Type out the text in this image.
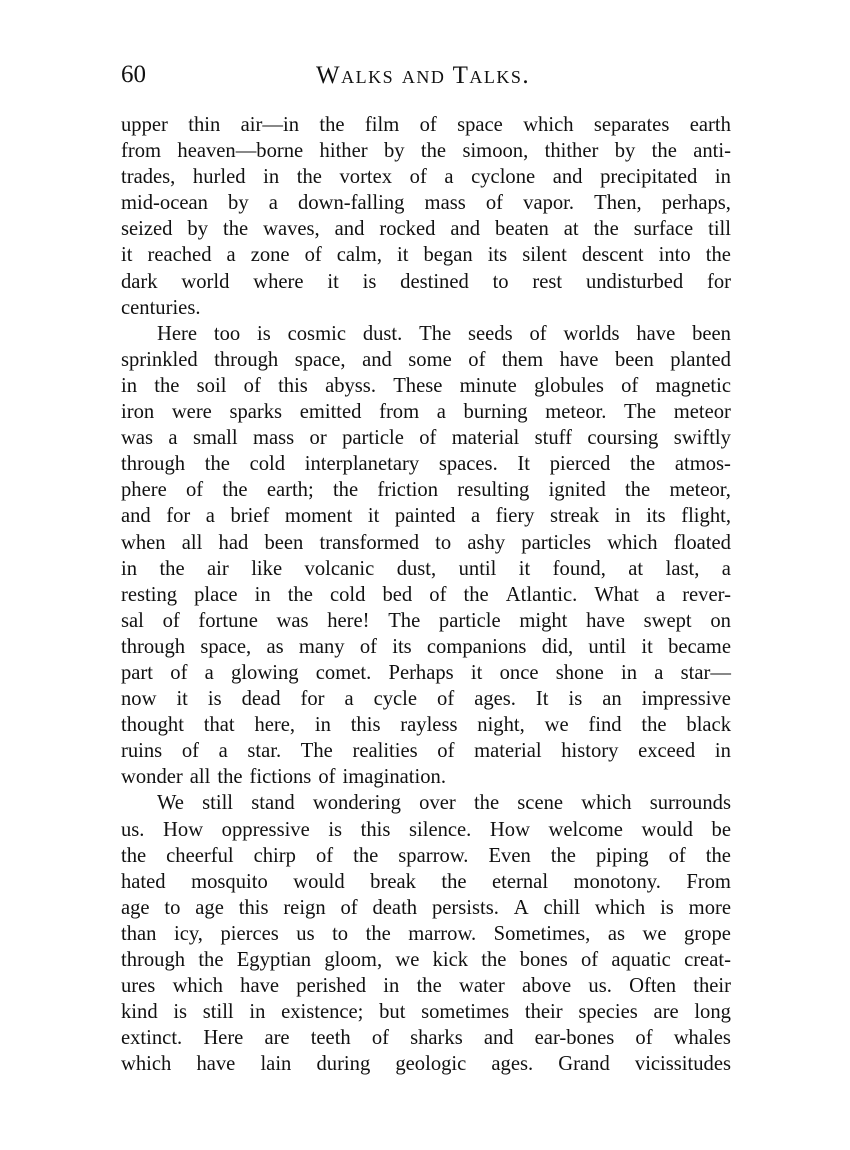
60	Walks and Talks.
upper thin air—in the film of space which separates earth
from heaven—borne hither by the simoon, thither by the anti-
trades, hurled in the vortex of a cyclone and precipitated in
mid-ocean by a down-falling mass of vapor. Then, perhaps,
seized by the waves, and rocked and beaten at the surface till
it reached a zone of calm, it began its silent descent into the
dark world where it is destined to rest undisturbed for
centuries.
Here too is cosmic dust. The seeds of worlds have been
sprinkled through space, and some of them have been planted
in the soil of this abyss. These minute globules of magnetic
iron were sparks emitted from a burning meteor. The meteor
was a small mass or particle of material stuff coursing swiftly
through the cold interplanetary spaces. It pierced the atmos-
phere of the earth; the friction resulting ignited the meteor,
and for a brief moment it painted a fiery streak in its flight,
when all had been transformed to ashy particles which floated
in the air like volcanic dust, until it found, at last, a
resting place in the cold bed of the Atlantic. What a rever-
sal of fortune was here! The particle might have swept on
through space, as many of its companions did, until it became
part of a glowing comet. Perhaps it once shone in a star—
now it is dead for a cycle of ages. It is an impressive
thought that here, in this rayless night, we find the black
ruins of a star. The realities of material history exceed in
wonder all the fictions of imagination.
We still stand wondering over the scene which surrounds
us. How oppressive is this silence. How welcome would be
the cheerful chirp of the sparrow. Even the piping of the
hated mosquito would break the eternal monotony. From
age to age this reign of death persists. A chill which is more
than icy, pierces us to the marrow. Sometimes, as we grope
through the Egyptian gloom, we kick the bones of aquatic creat-
ures which have perished in the water above us. Often their
kind is still in existence; but sometimes their species are long
extinct. Here are teeth of sharks and ear-bones of whales
which have lain during geologic ages. Grand vicissitudes
